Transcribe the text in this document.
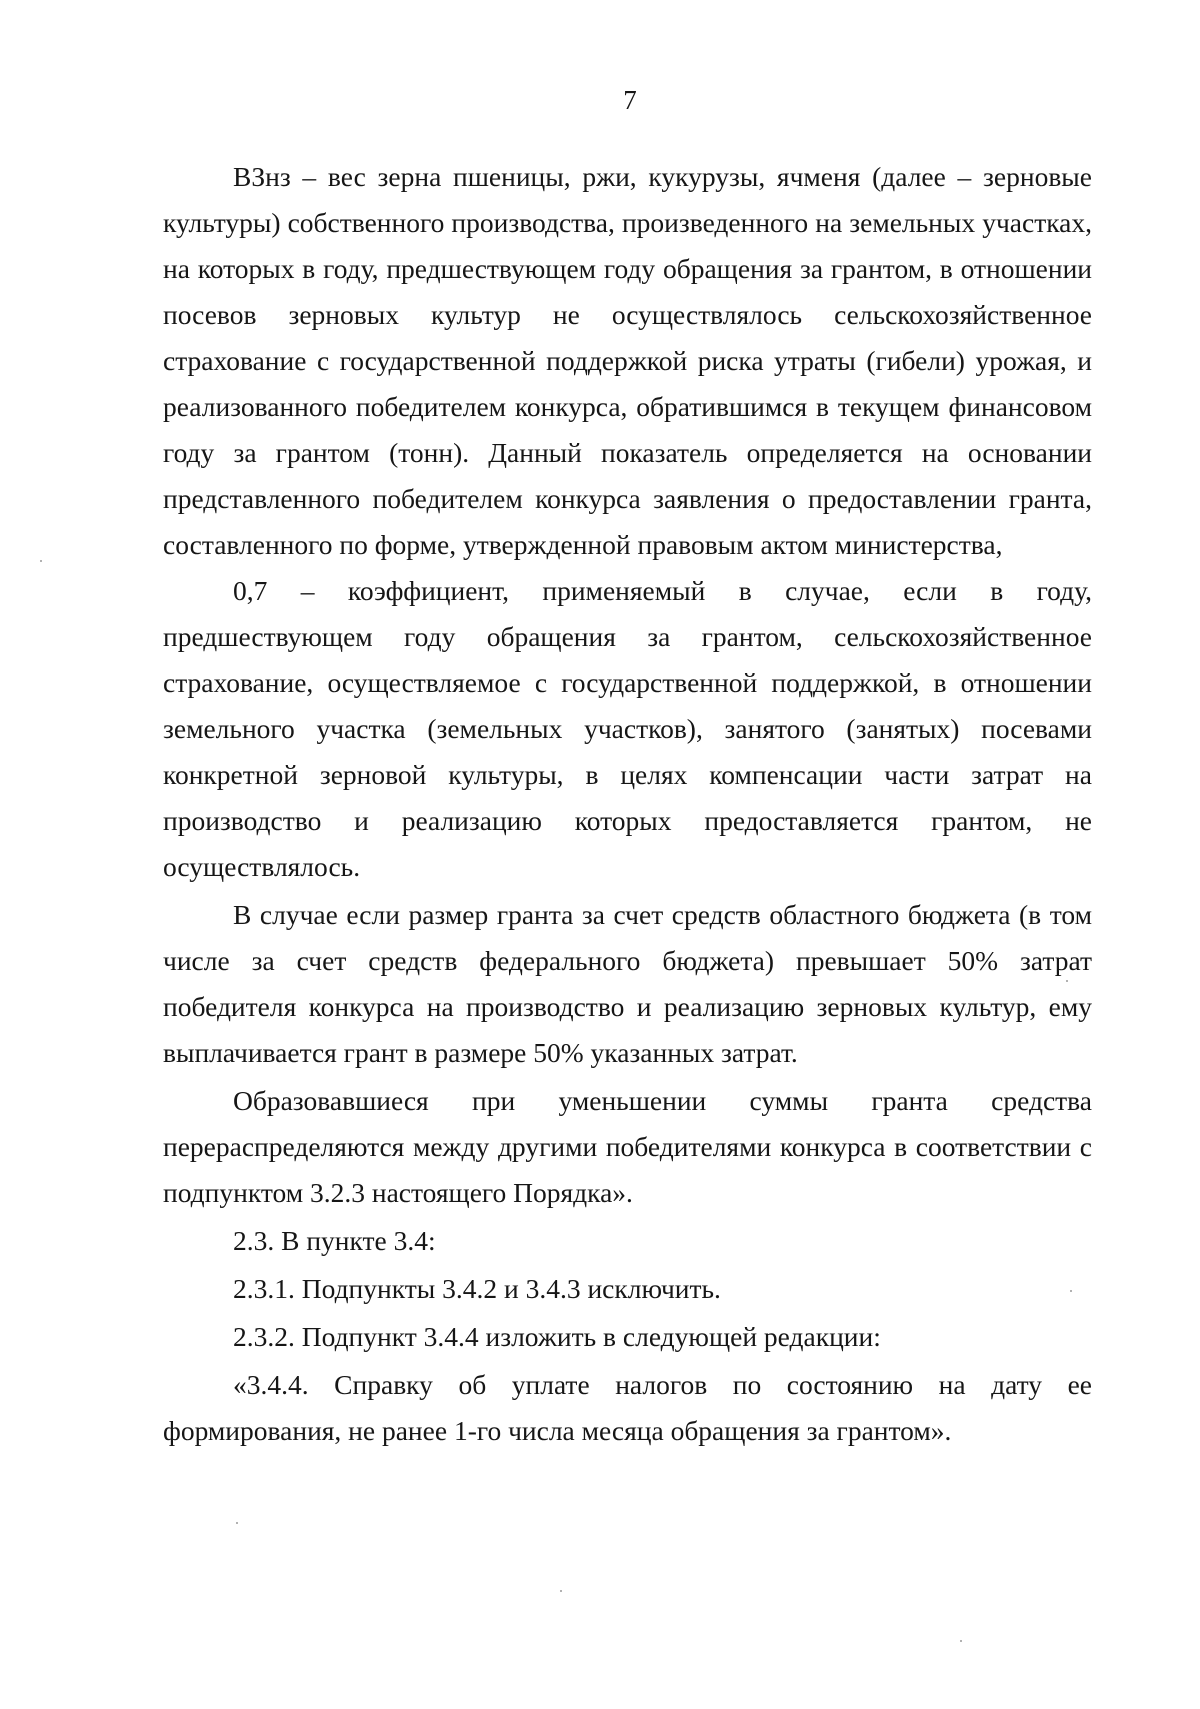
7

ВЗнз – вес зерна пшеницы, ржи, кукурузы, ячменя (далее – зерновые культуры) собственного производства, произведенного на земельных участках, на которых в году, предшествующем году обращения за грантом, в отношении посевов зерновых культур не осуществлялось сельскохозяйственное страхование с государственной поддержкой риска утраты (гибели) урожая, и реализованного победителем конкурса, обратившимся в текущем финансовом году за грантом (тонн). Данный показатель определяется на основании представленного победителем конкурса заявления о предоставлении гранта, составленного по форме, утвержденной правовым актом министерства,

0,7 – коэффициент, применяемый в случае, если в году, предшествующем году обращения за грантом, сельскохозяйственное страхование, осуществляемое с государственной поддержкой, в отношении земельного участка (земельных участков), занятого (занятых) посевами конкретной зерновой культуры, в целях компенсации части затрат на производство и реализацию которых предоставляется грантом, не осуществлялось.

В случае если размер гранта за счет средств областного бюджета (в том числе за счет средств федерального бюджета) превышает 50% затрат победителя конкурса на производство и реализацию зерновых культур, ему выплачивается грант в размере 50% указанных затрат.

Образовавшиеся при уменьшении суммы гранта средства перераспределяются между другими победителями конкурса в соответствии с подпунктом 3.2.3 настоящего Порядка».

2.3. В пункте 3.4:

2.3.1. Подпункты 3.4.2 и 3.4.3 исключить.

2.3.2. Подпункт 3.4.4 изложить в следующей редакции:

«3.4.4. Справку об уплате налогов по состоянию на дату ее формирования, не ранее 1-го числа месяца обращения за грантом».
